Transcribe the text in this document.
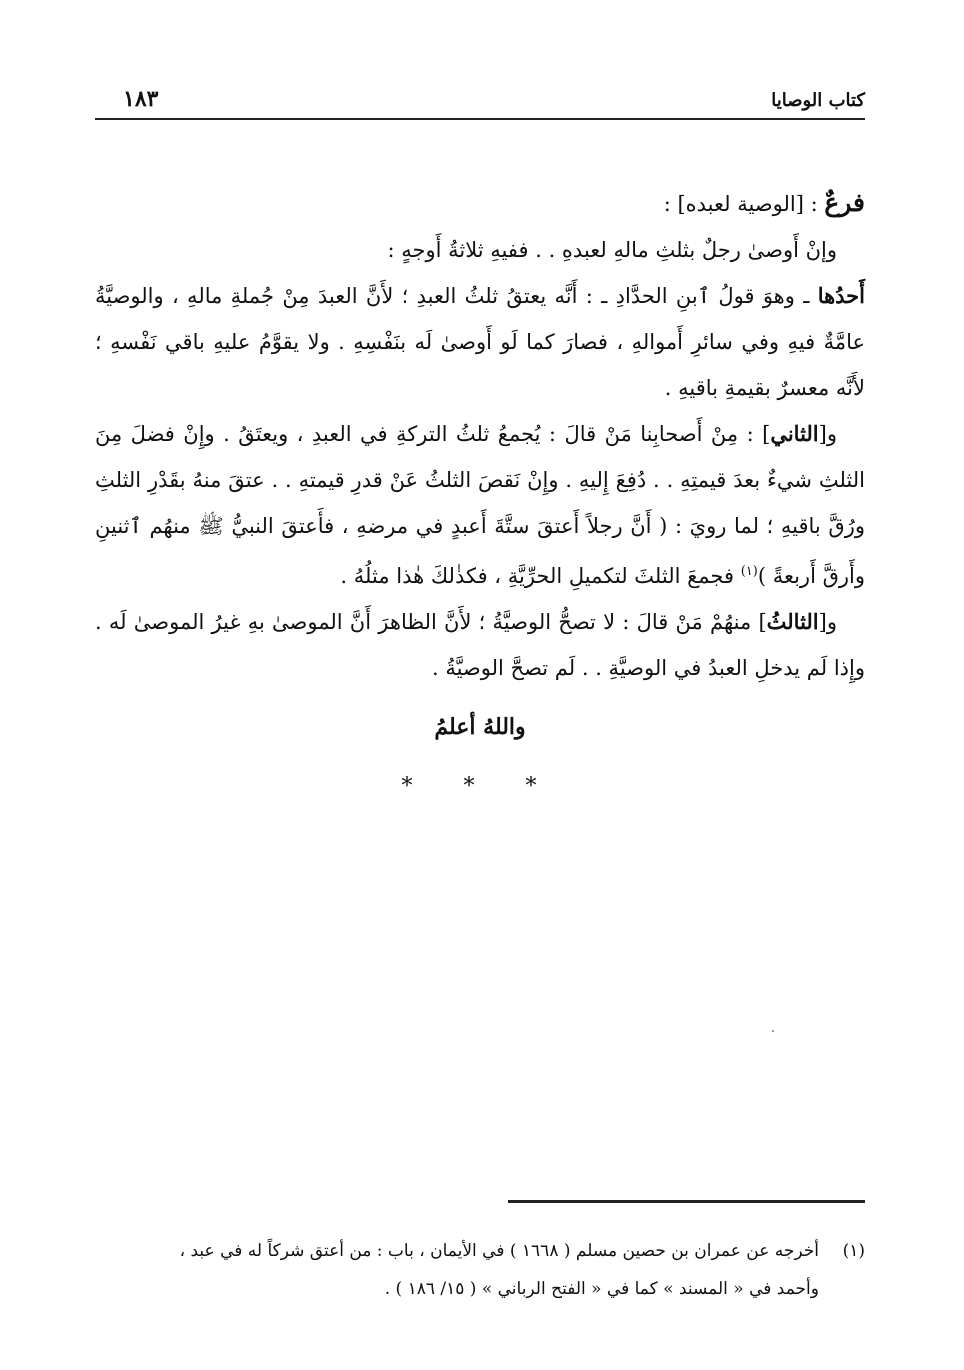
كتاب الوصايا
١٨٣

فرعٌ : [الوصية لعبده] :

وإنْ أَوصىٰ رجلٌ بثلثِ مالهِ لعبدهِ . . ففيهِ ثلاثةُ أَوجهٍ :

أَحدُها ـ وهوَ قولُ ٱبنِ الحدَّادِ ـ : أَنَّه يعتقُ ثلثُ العبدِ ؛ لأَنَّ العبدَ مِنْ جُملةِ مالهِ ، والوصيَّةُ عامَّةٌ فيهِ وفي سائرِ أَموالهِ ، فصارَ كما لَو أَوصىٰ لَه بنَفْسِهِ . ولا يقوَّمُ عليهِ باقي نَفْسهِ ؛ لأَنَّه معسرٌ بقيمةِ باقيهِ .

و[الثاني] : مِنْ أَصحابِنا مَنْ قالَ : يُجمعُ ثلثُ التركةِ في العبدِ ، ويعتَقُ . وإِنْ فضلَ مِنَ الثلثِ شيءٌ بعدَ قيمتِهِ . . دُفِعَ إِليهِ . وإِنْ نَقصَ الثلثُ عَنْ قدرِ قيمتهِ . . عتقَ منهُ بقَدْرِ الثلثِ ورُقَّ باقيهِ ؛ لما رويَ : ( أَنَّ رجلاً أَعتقَ ستَّةَ أَعبدٍ في مرضهِ ، فأَعتقَ النبيُّ ﷺ منهُم ٱثنينِ وأَرقَّ أَربعةً )$^{(١)}$ فجمعَ الثلثَ لتكميلِ الحرِّيَّةِ ، فكذٰلكَ هٰذا مثلُهُ .

و[الثالثُ] منهُمْ مَنْ قالَ : لا تصحُّ الوصيَّةُ ؛ لأَنَّ الظاهرَ أَنَّ الموصىٰ بهِ غيرُ الموصىٰ لَه . وإِذا لَم يدخلِ العبدُ في الوصيَّةِ . . لَم تصحَّ الوصيَّةُ .

واللهُ أعلمُ
* * *
(١)أخرجه عن عمران بن حصين مسلم ( ١٦٦٨ ) في الأيمان ، باب : من أعتق شركاً له في عبد ،
وأحمد في « المسند » كما في « الفتح الرباني » ( ١٥/ ١٨٦ ) .
